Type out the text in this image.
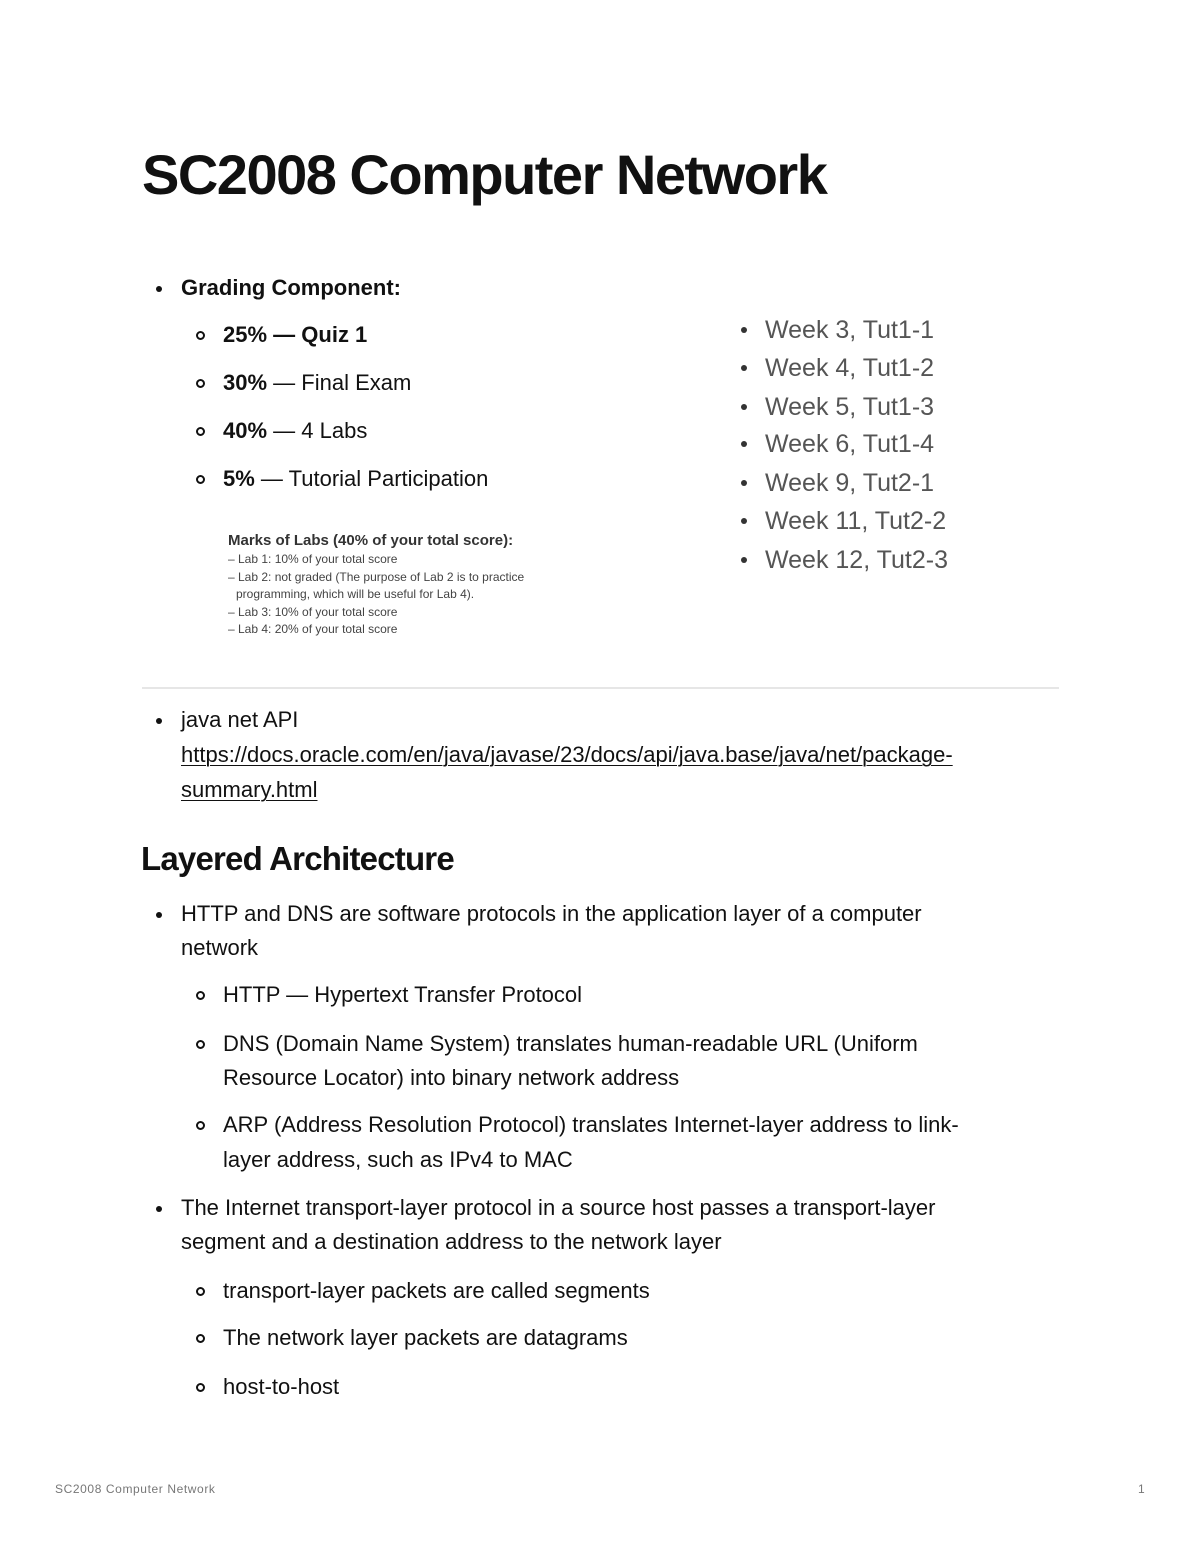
SC2008 Computer Network
Grading Component:
25% — Quiz 1
30% — Final Exam
40% — 4 Labs
5% — Tutorial Participation
Marks of Labs (40% of your total score):
– Lab 1: 10% of your total score
– Lab 2: not graded (The purpose of Lab 2 is to practice
programming, which will be useful for Lab 4).
– Lab 3: 10% of your total score
– Lab 4: 20% of your total score
Week 3, Tut1-1
Week 4, Tut1-2
Week 5, Tut1-3
Week 6, Tut1-4
Week 9, Tut2-1
Week 11, Tut2-2
Week 12, Tut2-3
java net API
https://docs.oracle.com/en/java/javase/23/docs/api/java.base/java/net/package-
summary.html
Layered Architecture
HTTP and DNS are software protocols in the application layer of a computer
network
HTTP — Hypertext Transfer Protocol
DNS (Domain Name System) translates human-readable URL (Uniform
Resource Locator) into binary network address
ARP (Address Resolution Protocol) translates Internet-layer address to link-
layer address, such as IPv4 to MAC
The Internet transport-layer protocol in a source host passes a transport-layer
segment and a destination address to the network layer
transport-layer packets are called segments
The network layer packets are datagrams
host-to-host
SC2008 Computer Network	1
